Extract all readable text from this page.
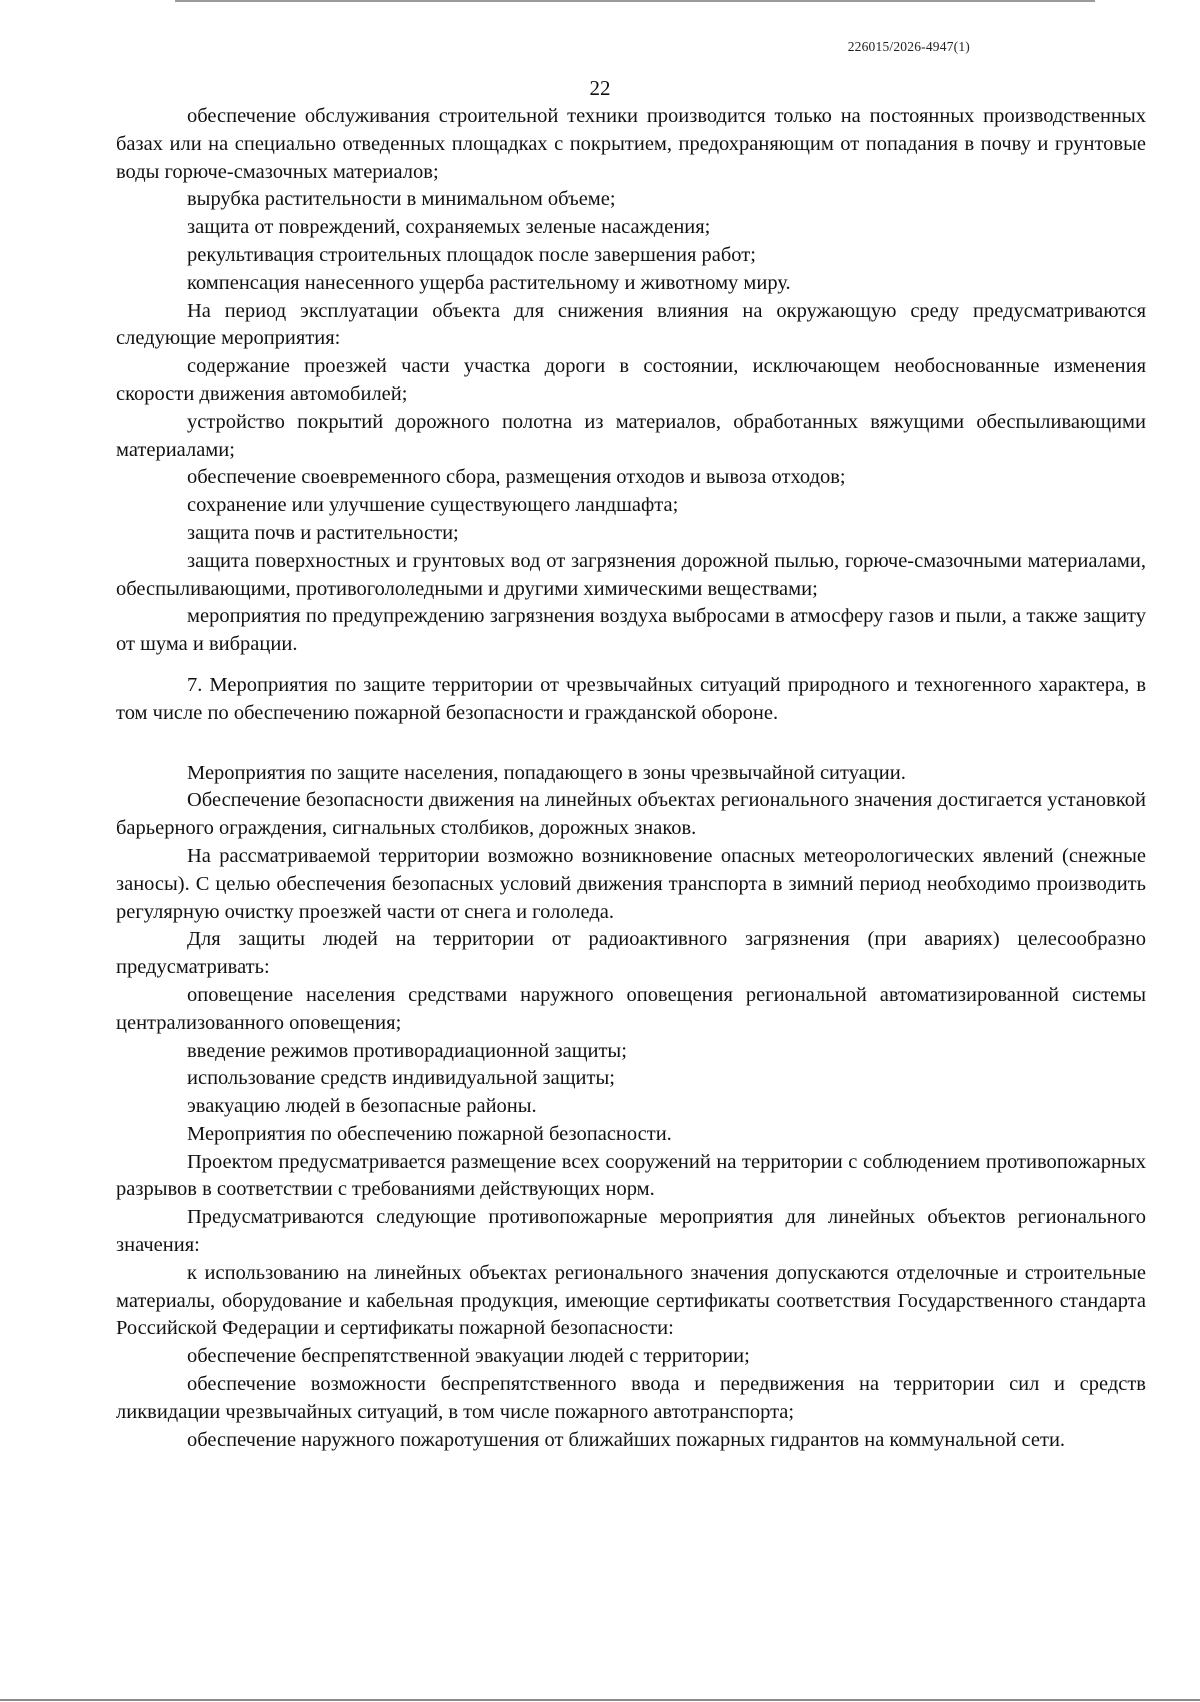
226015/2026-4947(1)
22

обеспечение обслуживания строительной техники производится только на постоянных производственных базах или на специально отведенных площадках с покрытием, предохраняющим от попадания в почву и грунтовые воды горюче-смазочных материалов;

вырубка растительности в минимальном объеме;

защита от повреждений, сохраняемых зеленые насаждения;

рекультивация строительных площадок после завершения работ;

компенсация нанесенного ущерба растительному и животному миру.

На период эксплуатации объекта для снижения влияния на окружающую среду предусматриваются следующие мероприятия:

содержание проезжей части участка дороги в состоянии, исключающем необоснованные изменения скорости движения автомобилей;

устройство покрытий дорожного полотна из материалов, обработанных вяжущими обеспыливающими материалами;

обеспечение своевременного сбора, размещения отходов и вывоза отходов;

сохранение или улучшение существующего ландшафта;

защита почв и растительности;

защита поверхностных и грунтовых вод от загрязнения дорожной пылью, горюче-смазочными материалами, обеспыливающими, противогололедными и другими химическими веществами;

мероприятия по предупреждению загрязнения воздуха выбросами в атмосферу газов и пыли, а также защиту от шума и вибрации.

7. Мероприятия по защите территории от чрезвычайных ситуаций природного и техногенного характера, в том числе по обеспечению пожарной безопасности и гражданской обороне.

Мероприятия по защите населения, попадающего в зоны чрезвычайной ситуации.

Обеспечение безопасности движения на линейных объектах регионального значения достигается установкой барьерного ограждения, сигнальных столбиков, дорожных знаков.

На рассматриваемой территории возможно возникновение опасных метеорологических явлений (снежные заносы). С целью обеспечения безопасных условий движения транспорта в зимний период необходимо производить регулярную очистку проезжей части от снега и гололеда.

Для защиты людей на территории от радиоактивного загрязнения (при авариях) целесообразно предусматривать:

оповещение населения средствами наружного оповещения региональной автоматизированной системы централизованного оповещения;

введение режимов противорадиационной защиты;

использование средств индивидуальной защиты;

эвакуацию людей в безопасные районы.

Мероприятия по обеспечению пожарной безопасности.

Проектом предусматривается размещение всех сооружений на территории с соблюдением противопожарных разрывов в соответствии с требованиями действующих норм.

Предусматриваются следующие противопожарные мероприятия для линейных объектов регионального значения:

к использованию на линейных объектах регионального значения допускаются отделочные и строительные материалы, оборудование и кабельная продукция, имеющие сертификаты соответствия Государственного стандарта Российской Федерации и сертификаты пожарной безопасности:

обеспечение беспрепятственной эвакуации людей с территории;

обеспечение возможности беспрепятственного ввода и передвижения на территории сил и средств ликвидации чрезвычайных ситуаций, в том числе пожарного автотранспорта;

обеспечение наружного пожаротушения от ближайших пожарных гидрантов на коммунальной сети.
